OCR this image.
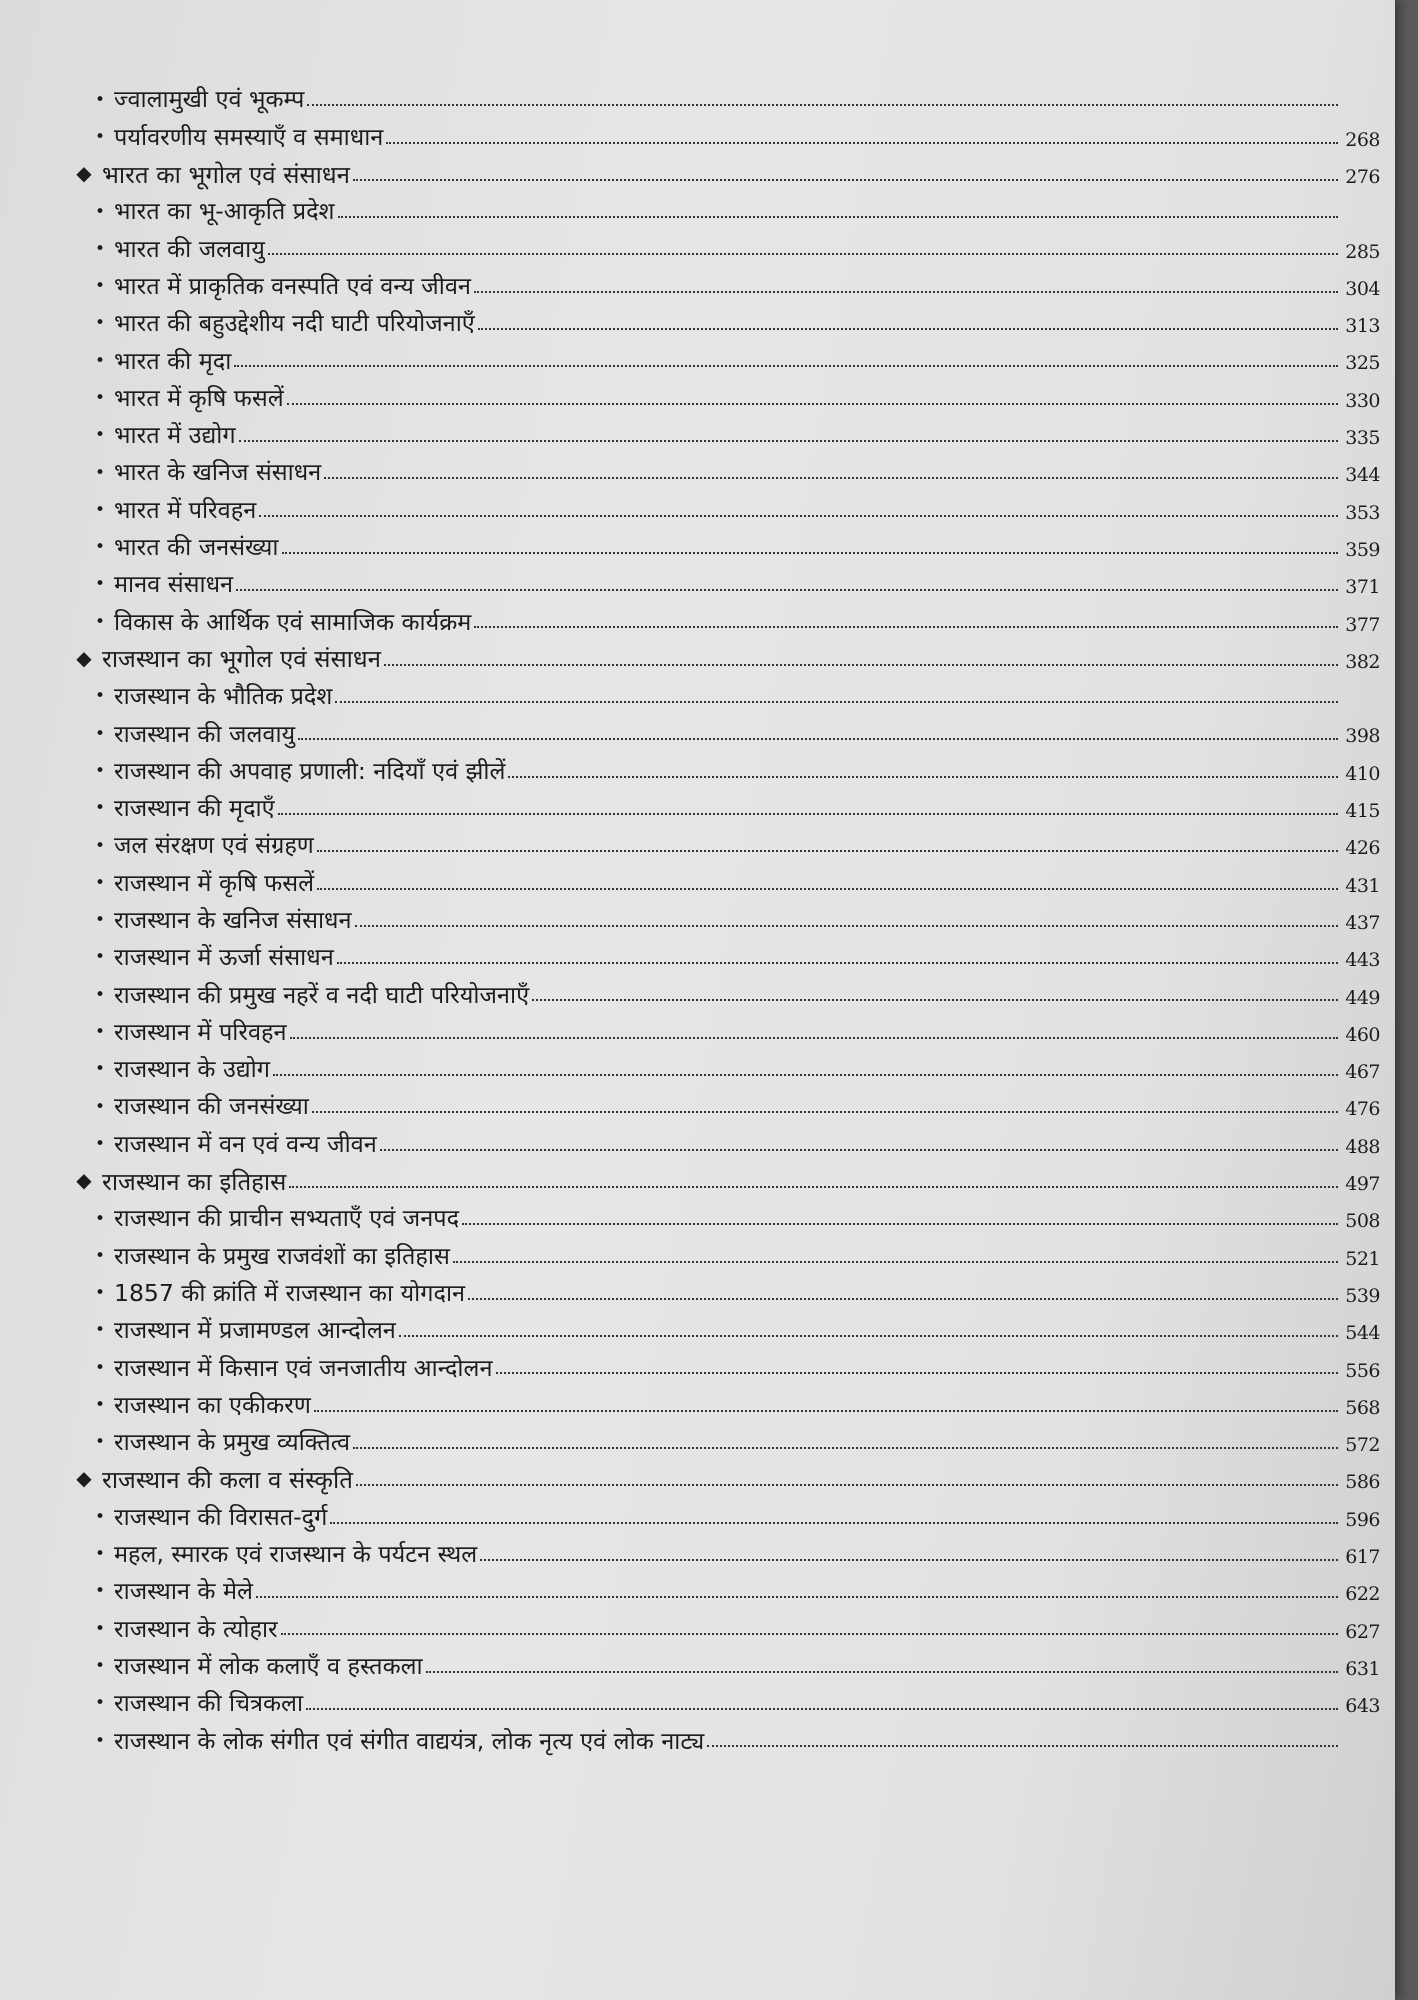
• ज्वालामुखी एवं भूकम्प
• पर्यावरणीय समस्याएँ व समाधान	268
◆ भारत का भूगोल एवं संसाधन	276
• भारत का भू-आकृति प्रदेश
• भारत की जलवायु	285
• भारत में प्राकृतिक वनस्पति एवं वन्य जीवन	304
• भारत की बहुउद्देशीय नदी घाटी परियोजनाएँ	313
• भारत की मृदा	325
• भारत में कृषि फसलें	330
• भारत में उद्योग	335
• भारत के खनिज संसाधन	344
• भारत में परिवहन	353
• भारत की जनसंख्या	359
• मानव संसाधन	371
• विकास के आर्थिक एवं सामाजिक कार्यक्रम	377
◆ राजस्थान का भूगोल एवं संसाधन	382
• राजस्थान के भौतिक प्रदेश
• राजस्थान की जलवायु	398
• राजस्थान की अपवाह प्रणाली: नदियाँ एवं झीलें	410
• राजस्थान की मृदाएँ	415
• जल संरक्षण एवं संग्रहण	426
• राजस्थान में कृषि फसलें	431
• राजस्थान के खनिज संसाधन	437
• राजस्थान में ऊर्जा संसाधन	443
• राजस्थान की प्रमुख नहरें व नदी घाटी परियोजनाएँ	449
• राजस्थान में परिवहन	460
• राजस्थान के उद्योग	467
• राजस्थान की जनसंख्या	476
• राजस्थान में वन एवं वन्य जीवन	488
◆ राजस्थान का इतिहास	497
• राजस्थान की प्राचीन सभ्यताएँ एवं जनपद	508
• राजस्थान के प्रमुख राजवंशों का इतिहास	521
• 1857 की क्रांति में राजस्थान का योगदान	539
• राजस्थान में प्रजामण्डल आन्दोलन	544
• राजस्थान में किसान एवं जनजातीय आन्दोलन	556
• राजस्थान का एकीकरण	568
• राजस्थान के प्रमुख व्यक्तित्व	572
◆ राजस्थान की कला व संस्कृति	586
• राजस्थान की विरासत-दुर्ग	596
• महल, स्मारक एवं राजस्थान के पर्यटन स्थल	617
• राजस्थान के मेले	622
• राजस्थान के त्योहार	627
• राजस्थान में लोक कलाएँ व हस्तकला	631
• राजस्थान की चित्रकला	643
• राजस्थान के लोक संगीत एवं संगीत वाद्ययंत्र, लोक नृत्य एवं लोक नाट्य
